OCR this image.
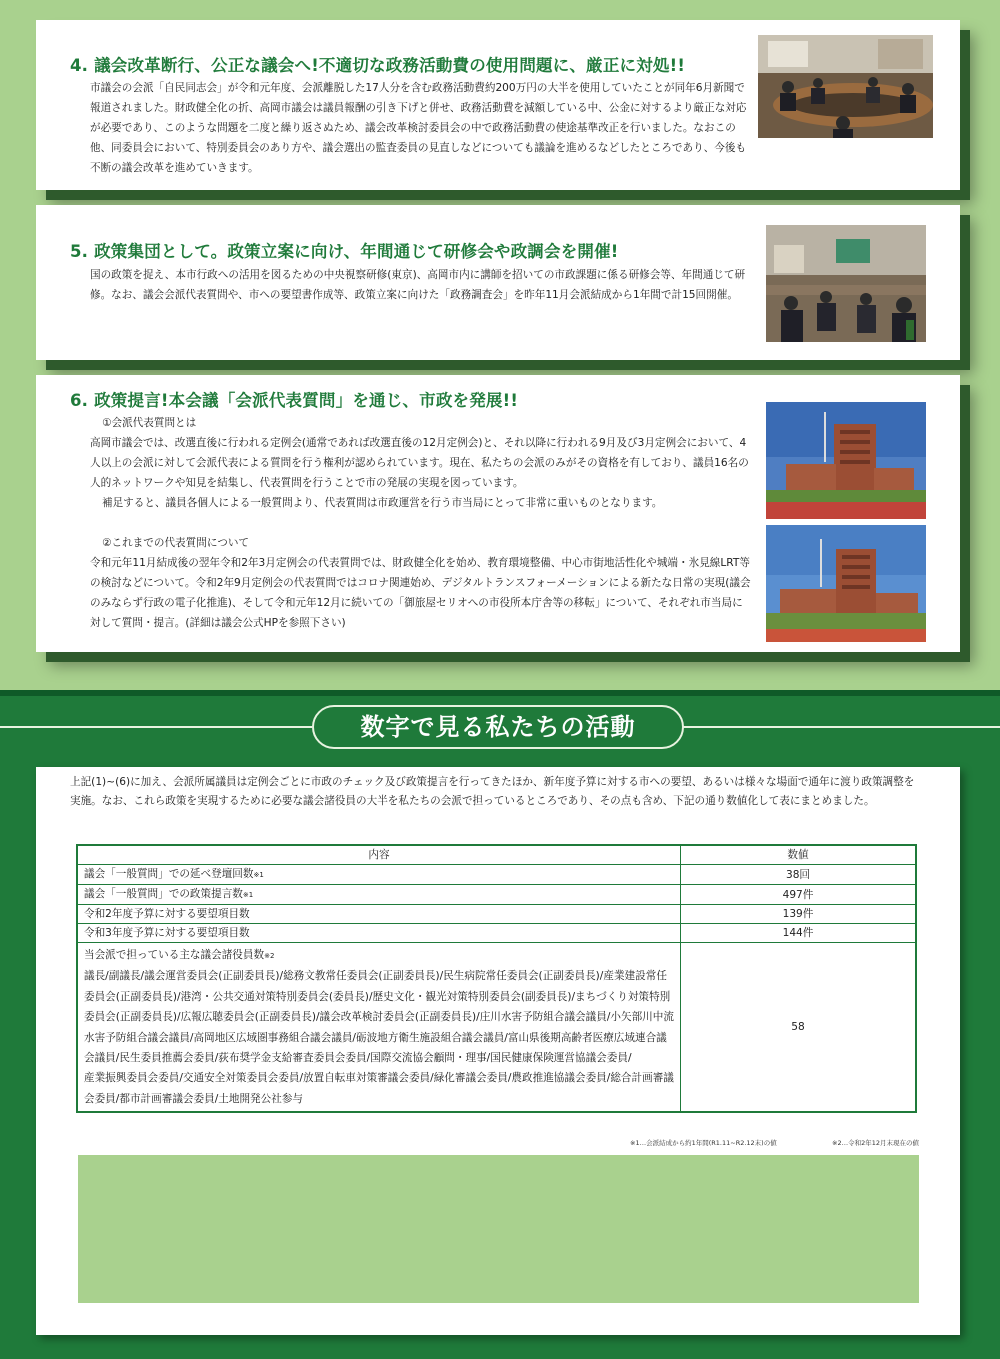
4. 議会改革断行、公正な議会へ!不適切な政務活動費の使用問題に、厳正に対処!!

市議会の会派「自民同志会」が令和元年度、会派離脱した17人分を含む政務活動費約200万円の大半を使用していたことが同年6月新聞で報道されました。財政健全化の折、高岡市議会は議員報酬の引き下げと併せ、政務活動費を減額している中、公金に対するより厳正な対応が必要であり、このような問題を二度と繰り返さぬため、議会改革検討委員会の中で政務活動費の使途基準改正を行いました。なおこの他、同委員会において、特別委員会のあり方や、議会選出の監査委員の見直しなどについても議論を進めるなどしたところであり、今後も不断の議会改革を進めていきます。

5. 政策集団として。政策立案に向け、年間通じて研修会や政調会を開催!

国の政策を捉え、本市行政への活用を図るための中央視察研修(東京)、高岡市内に講師を招いての市政課題に係る研修会等、年間通じて研修。なお、議会会派代表質問や、市への要望書作成等、政策立案に向けた「政務調査会」を昨年11月会派結成から1年間で計15回開催。

6. 政策提言!本会議「会派代表質問」を通じ、市政を発展!!

①会派代表質問とは

高岡市議会では、改選直後に行われる定例会(通常であれば改選直後の12月定例会)と、それ以降に行われる9月及び3月定例会において、4人以上の会派に対して会派代表による質問を行う権利が認められています。現在、私たちの会派のみがその資格を有しており、議員16名の人的ネットワークや知見を結集し、代表質問を行うことで市の発展の実現を図っています。

補足すると、議員各個人による一般質問より、代表質問は市政運営を行う市当局にとって非常に重いものとなります。

②これまでの代表質問について

令和元年11月結成後の翌年令和2年3月定例会の代表質問では、財政健全化を始め、教育環境整備、中心市街地活性化や城端・氷見線LRT等の検討などについて。令和2年9月定例会の代表質問ではコロナ関連始め、デジタルトランスフォーメーションによる新たな日常の実現(議会のみならず行政の電子化推進)、そして令和元年12月に続いての「御旅屋セリオへの市役所本庁舎等の移転」について、それぞれ市当局に対して質問・提言。(詳細は議会公式HPを参照下さい)

数字で見る私たちの活動

上記(1)~(6)に加え、会派所属議員は定例会ごとに市政のチェック及び政策提言を行ってきたほか、新年度予算に対する市への要望、あるいは様々な場面で通年に渡り政策調整を実施。なお、これら政策を実現するために必要な議会諸役員の大半を私たちの会派で担っているところであり、その点も含め、下記の通り数値化して表にまとめました。

内容	数値
議会「一般質問」での延べ登壇回数※1	38回
議会「一般質問」での政策提言数※1	497件
令和2年度予算に対する要望項目数	139件
令和3年度予算に対する要望項目数	144件

当会派で担っている主な議会諸役員数※2
議長/副議長/議会運営委員会(正副委員長)/総務文教常任委員会(正副委員長)/民生病院常任委員会(正副委員長)/産業建設常任委員会(正副委員長)/港湾・公共交通対策特別委員会(委員長)/歴史文化・観光対策特別委員会(副委員長)/まちづくり対策特別委員会(正副委員長)/広報広聴委員会(正副委員長)/議会改革検討委員会(正副委員長)/庄川水害予防組合議会議員/小矢部川中流水害予防組合議会議員/高岡地区広域圏事務組合議会議員/砺波地方衛生施設組合議会議員/富山県後期高齢者医療広域連合議会議員/民生委員推薦会委員/荻布奨学金支給審査委員会委員/国際交流協会顧問・理事/国民健康保険運営協議会委員/
産業振興委員会委員/交通安全対策委員会委員/放置自転車対策審議会委員/緑化審議会委員/農政推進協議会委員/総合計画審議会委員/都市計画審議会委員/土地開発公社参与	58
※1…会派結成から約1年間(R1.11~R2.12末)の値	※2…令和2年12月末現在の値
